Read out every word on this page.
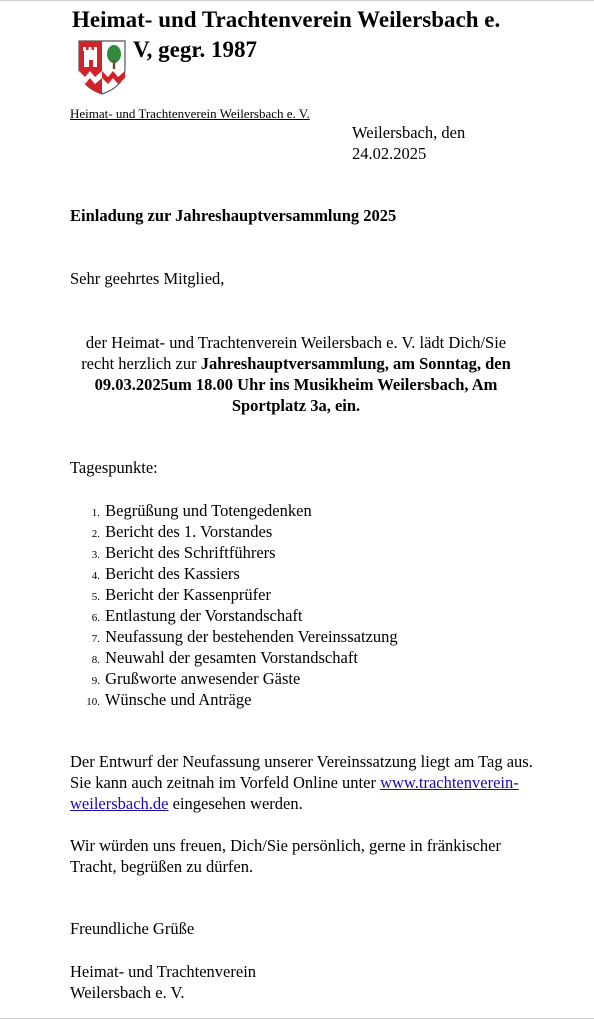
Heimat- und Trachtenverein Weilersbach e.
V, gegr. 1987
Heimat- und Trachtenverein Weilersbach e. V.
Weilersbach, den
24.02.2025
Einladung zur Jahreshauptversammlung 2025
Sehr geehrtes Mitglied,
der Heimat- und Trachtenverein Weilersbach e. V. lädt Dich/Sie recht herzlich zur Jahreshauptversammlung, am Sonntag, den 09.03.2025um 18.00 Uhr ins Musikheim Weilersbach, Am Sportplatz 3a, ein.
Tagespunkte:
1. Begrüßung und Totengedenken
2. Bericht des 1. Vorstandes
3. Bericht des Schriftführers
4. Bericht des Kassiers
5. Bericht der Kassenprüfer
6. Entlastung der Vorstandschaft
7. Neufassung der bestehenden Vereinssatzung
8. Neuwahl der gesamten Vorstandschaft
9. Grußworte anwesender Gäste
10. Wünsche und Anträge
Der Entwurf der Neufassung unserer Vereinssatzung liegt am Tag aus. Sie kann auch zeitnah im Vorfeld Online unter www.trachtenverein-weilersbach.de eingesehen werden.
Wir würden uns freuen, Dich/Sie persönlich, gerne in fränkischer Tracht, begrüßen zu dürfen.
Freundliche Grüße
Heimat- und Trachtenverein
Weilersbach e. V.
